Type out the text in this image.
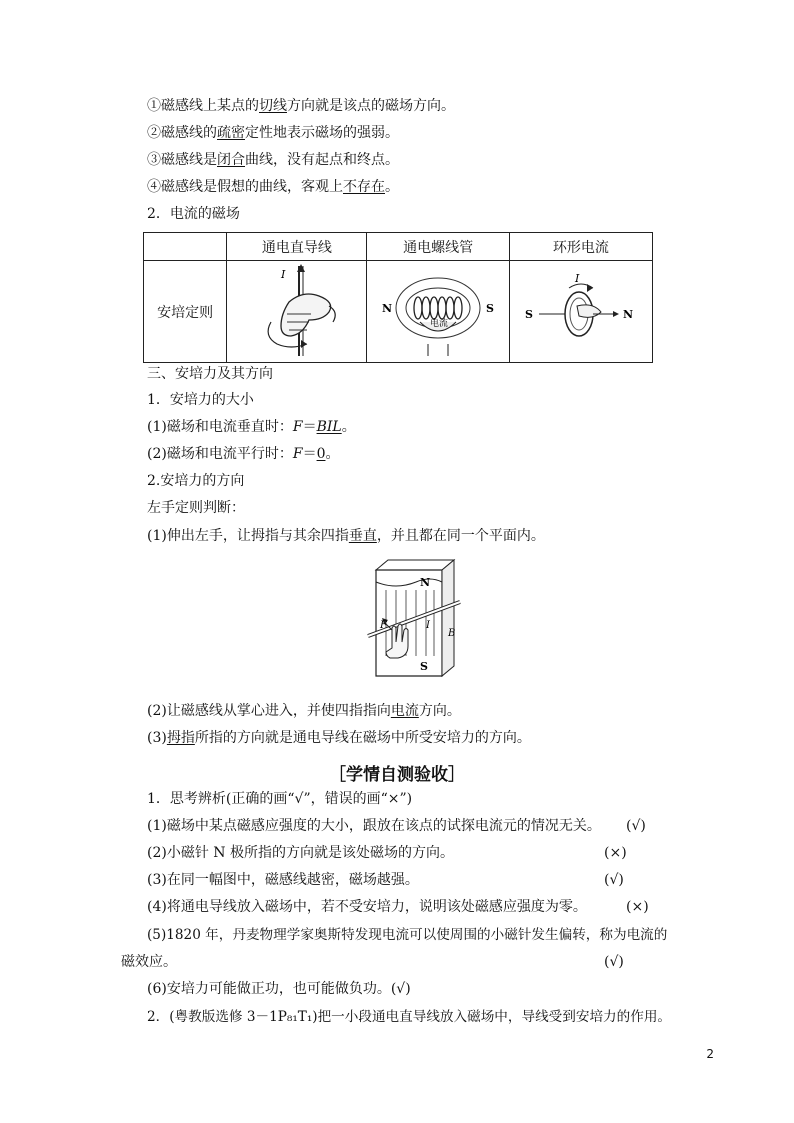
①磁感线上某点的切线方向就是该点的磁场方向。
②磁感线的疏密定性地表示磁场的强弱。
③磁感线是闭合曲线，没有起点和终点。
④磁感线是假想的曲线，客观上不存在。
2．电流的磁场
	通电直导线	通电螺线管	环形电流
安培定则	I	电流
N S	I
S N
三、安培力及其方向
1．安培力的大小
(1)磁场和电流垂直时：F＝BIL。
(2)磁场和电流平行时：F＝0。
2.安培力的方向
左手定则判断：
(1)伸出左手，让拇指与其余四指垂直，并且都在同一个平面内。
N
S
F	I
B
(2)让磁感线从掌心进入，并使四指指向电流方向。
(3)拇指所指的方向就是通电导线在磁场中所受安培力的方向。
［学情自测验收］
1．思考辨析(正确的画“√”，错误的画“×”)
(1)磁场中某点磁感应强度的大小，跟放在该点的试探电流元的情况无关。 (√)
(2)小磁针 N 极所指的方向就是该处磁场的方向。	(×)
(3)在同一幅图中，磁感线越密，磁场越强。	(√)
(4)将通电导线放入磁场中，若不受安培力，说明该处磁感应强度为零。	(×)
(5)1820 年，丹麦物理学家奥斯特发现电流可以使周围的小磁针发生偏转，称为电流的
磁效应。	(√)
(6)安培力可能做正功，也可能做负功。(√)
2．(粤教版选修 3－1P₈₁T₁)把一小段通电直导线放入磁场中，导线受到安培力的作用。
2
